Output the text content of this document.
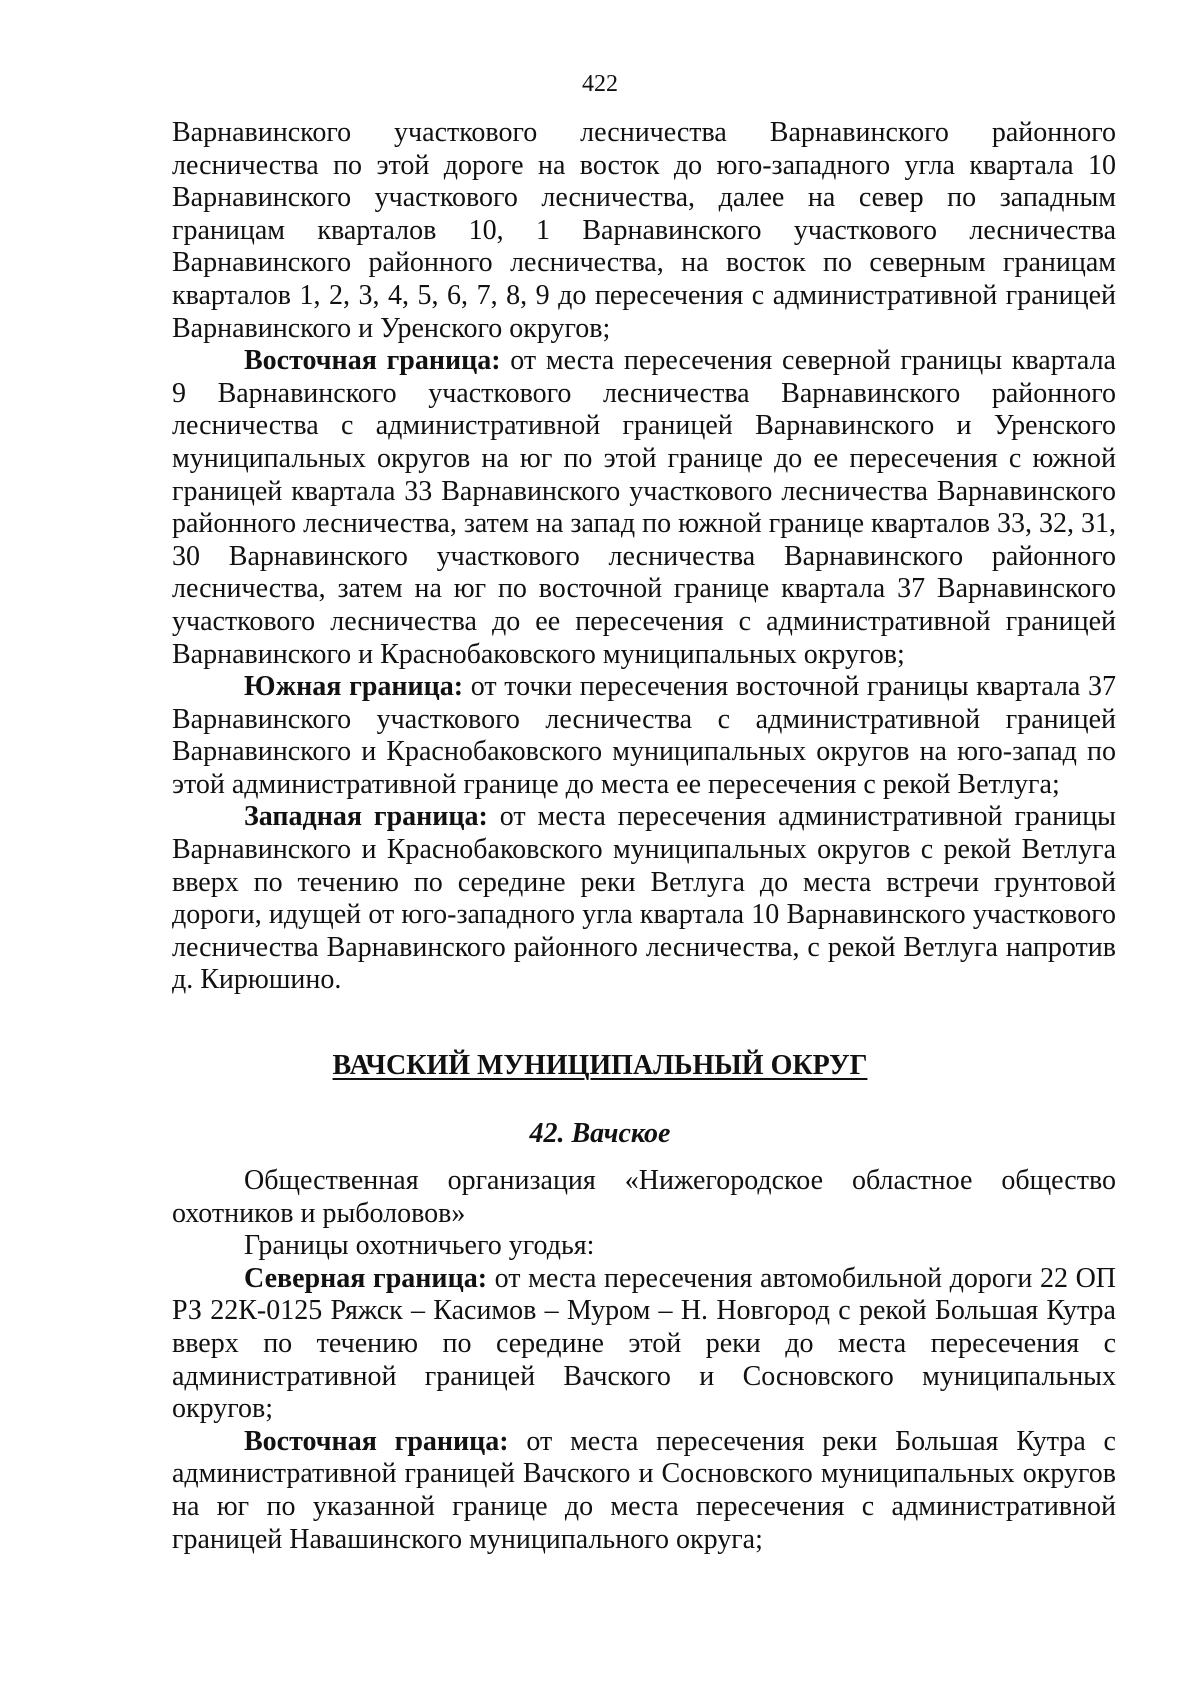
422

Варнавинского участкового лесничества Варнавинского районного лесничества по этой дороге на восток до юго-западного угла квартала 10 Варнавинского участкового лесничества, далее на север по западным границам кварталов 10, 1 Варнавинского участкового лесничества Варнавинского районного лесничества, на восток по северным границам кварталов 1, 2, 3, 4, 5, 6, 7, 8, 9 до пересечения с административной границей Варнавинского и Уренского округов;

Восточная граница: от места пересечения северной границы квартала 9 Варнавинского участкового лесничества Варнавинского районного лесничества с административной границей Варнавинского и Уренского муниципальных округов на юг по этой границе до ее пересечения с южной границей квартала 33 Варнавинского участкового лесничества Варнавинского районного лесничества, затем на запад по южной границе кварталов 33, 32, 31, 30 Варнавинского участкового лесничества Варнавинского районного лесничества, затем на юг по восточной границе квартала 37 Варнавинского участкового лесничества до ее пересечения с административной границей Варнавинского и Краснобаковского муниципальных округов;

Южная граница: от точки пересечения восточной границы квартала 37 Варнавинского участкового лесничества с административной границей Варнавинского и Краснобаковского муниципальных округов на юго-запад по этой административной границе до места ее пересечения с рекой Ветлуга;

Западная граница: от места пересечения административной границы Варнавинского и Краснобаковского муниципальных округов с рекой Ветлуга вверх по течению по середине реки Ветлуга до места встречи грунтовой дороги, идущей от юго-западного угла квартала 10 Варнавинского участкового лесничества Варнавинского районного лесничества, с рекой Ветлуга напротив д. Кирюшино.

ВАЧСКИЙ МУНИЦИПАЛЬНЫЙ ОКРУГ
42. Вачское

Общественная организация «Нижегородское областное общество охотников и рыболовов»

Границы охотничьего угодья:

Северная граница: от места пересечения автомобильной дороги 22 ОП РЗ 22К-0125 Ряжск – Касимов – Муром – Н. Новгород с рекой Большая Кутра вверх по течению по середине этой реки до места пересечения с административной границей Вачского и Сосновского муниципальных округов;

Восточная граница: от места пересечения реки Большая Кутра с административной границей Вачского и Сосновского муниципальных округов на юг по указанной границе до места пересечения с административной границей Навашинского муниципального округа;
